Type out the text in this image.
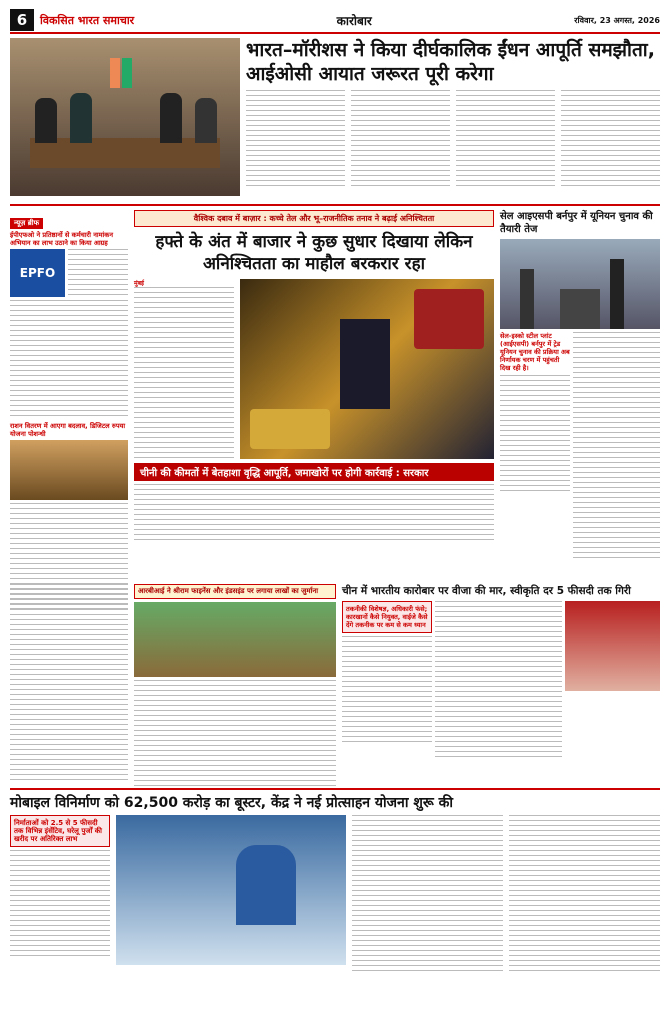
6	विकसित भारत समाचार	कारोबार	रविवार, 23 अगस्त, 2026
भारत–मॉरीशस ने किया दीर्घकालिक ईंधन आपूर्ति समझौता, आईओसी आयात जरूरत पूरी करेगा
न्यूज़ ब्रीफ
ईपीएफओ ने प्रतिष्ठानों से कर्मचारी नामांकन अभियान का लाभ उठाने का किया आग्रह
EPFO
राशन वितरण में आएगा बदलाव, डिजिटल रुपया योजना पोशन्धी
वैश्विक दबाव में बाज़ार : कच्चे तेल और भू–राजनीतिक तनाव ने बढ़ाई अनिश्चितता
हफ्ते के अंत में बाजार ने कुछ सुधार दिखाया लेकिन अनिश्चितता का माहौल बरकरार रहा
मुंबई
चीनी की कीमतों में बेतहाशा वृद्धि आपूर्ति, जमाखोरों पर होगी कार्रवाई : सरकार
सेल आइएसपी बर्नपुर में यूनियन चुनाव की तैयारी तेज
सेल-इस्को स्टील प्लांट (आईएसपी) बर्नपुर में ट्रेड यूनियन चुनाव की प्रक्रिया अब निर्णायक चरण में पहुंचती दिख रही है।
आरबीआई ने श्रीराम फाइनेंस और इंडसइंड पर लगाया लाखों का जुर्माना	चीन में भारतीय कारोबार पर वीजा की मार, स्वीकृति दर 5 फीसदी तक गिरी
तकनीकी विशेषज्ञ, अधिकारी फंसे; कारखानों कैसे नियुक्त, वाईजे कैसे देंगे तकनीक पर कम से कम ध्यान
मोबाइल विनिर्माण को 62,500 करोड़ का बूस्टर, केंद्र ने नई प्रोत्साहन योजना शुरू की
निर्माताओं को 2.5 से 5 फीसदी तक विभिन्न इंसेंटिव, घरेलू पुर्जों की खरीद पर अतिरिक्त लाभ
